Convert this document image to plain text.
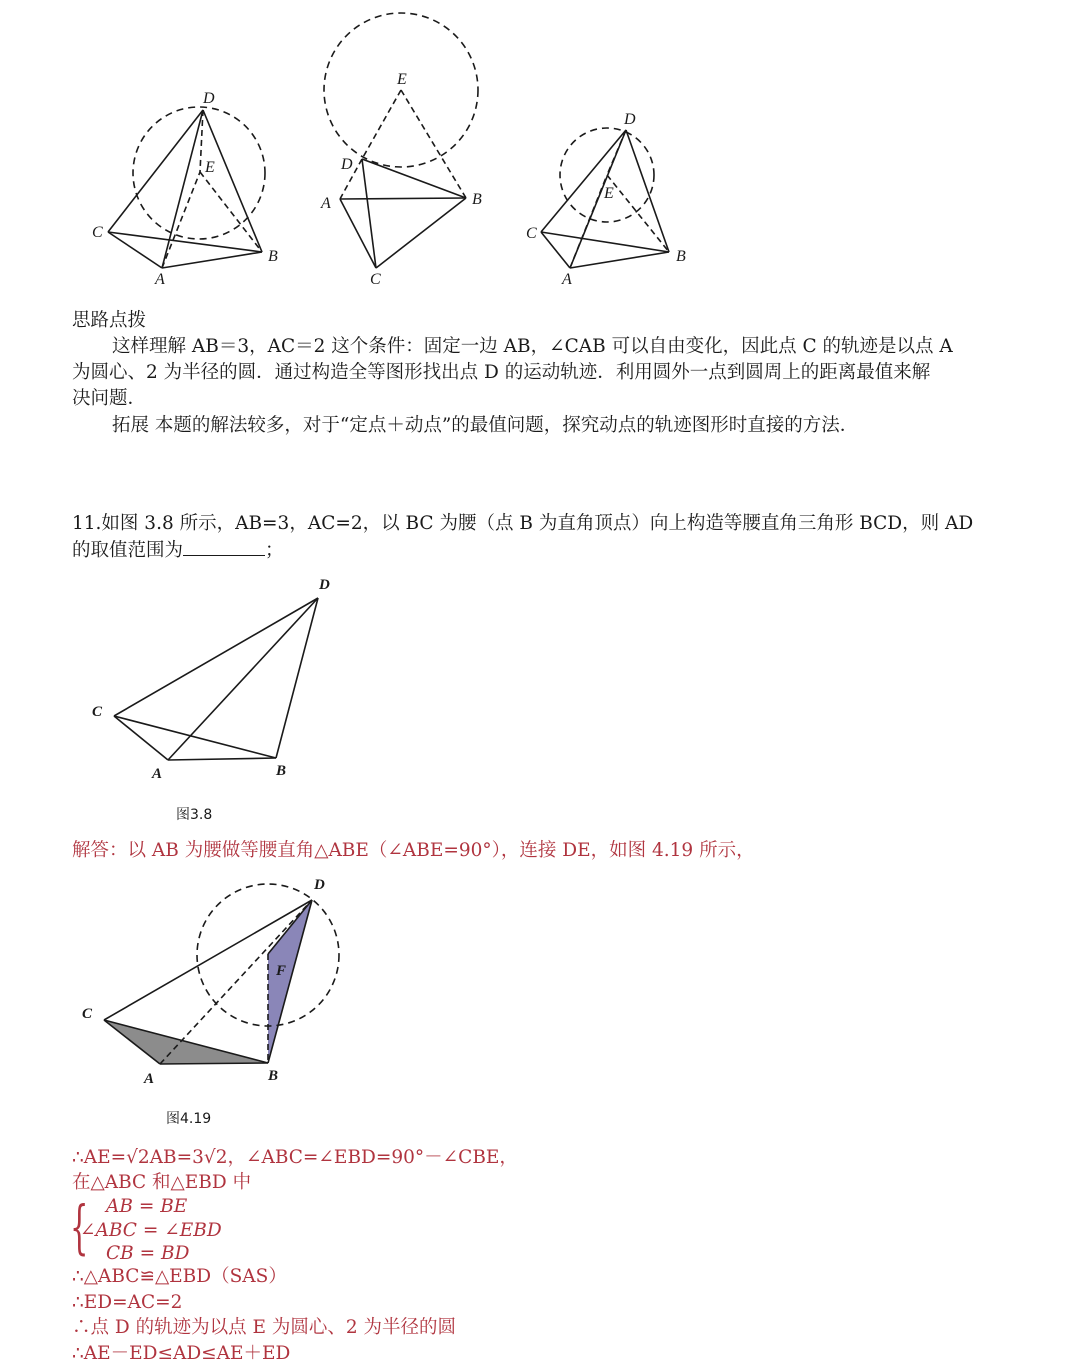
D
E
C
A
B
E
D
A	B
C
D
E
C
A
B
思路点拨
这样理解 AB＝3，AC＝2 这个条件：固定一边 AB，∠CAB 可以自由变化，因此点 C 的轨迹是以点 A
为圆心、2 为半径的圆．通过构造全等图形找出点 D 的运动轨迹．利用圆外一点到圆周上的距离最值来解
决问题．
拓展 本题的解法较多，对于“定点＋动点”的最值问题，探究动点的轨迹图形时直接的方法．
11.如图 3.8 所示，AB=3，AC=2，以 BC 为腰（点 B 为直角顶点）向上构造等腰直角三角形 BCD，则 AD
的取值范围为	；
D
C
A	B
图3.8
解答：以 AB 为腰做等腰直角△ABE（∠ABE=90°），连接 DE，如图 4.19 所示，
D
F
C
A	B
图4.19
∴AE=√2AB=3√2，∠ABC=∠EBD=90°－∠CBE，
在△ABC 和△EBD 中
{ AB = BE
∠ABC = ∠EBD
CB = BD
∴△ABC≌△EBD（SAS）
∴ED=AC=2
∴点 D 的轨迹为以点 E 为圆心、2 为半径的圆
∴AE－ED≤AD≤AE＋ED
